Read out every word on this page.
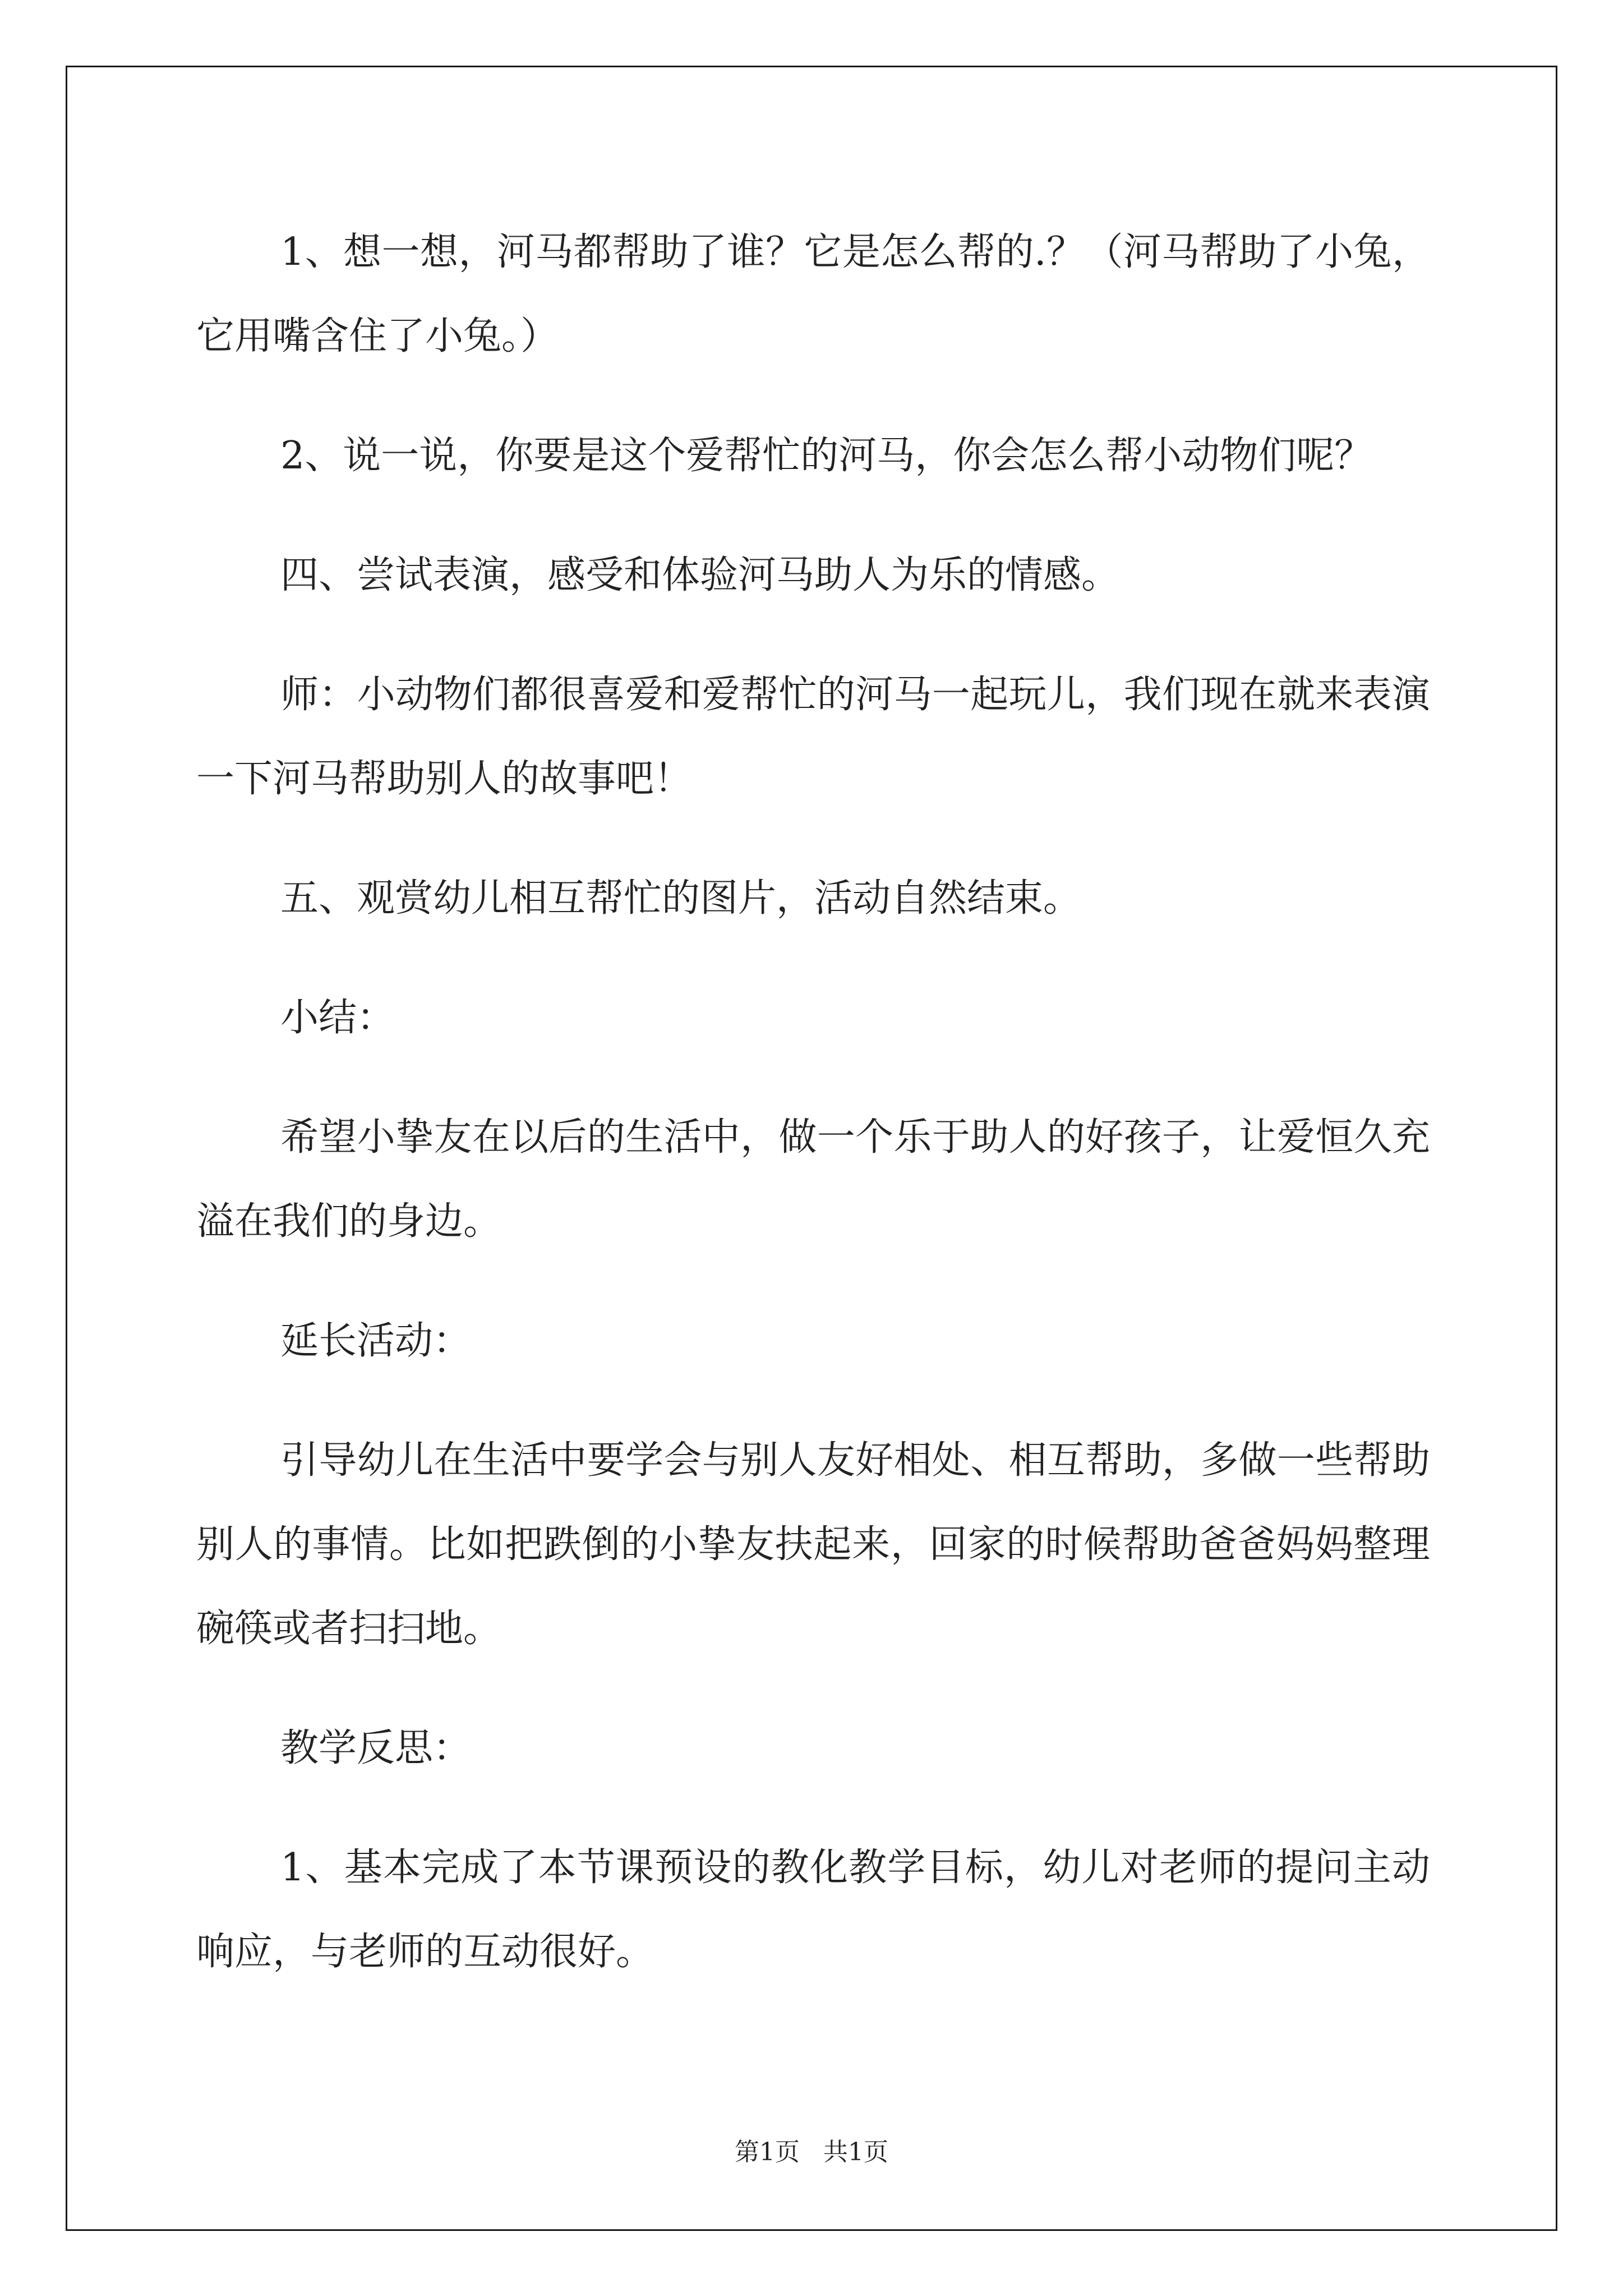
1、想一想，河马都帮助了谁？它是怎么帮的.？（河马帮助了小兔，它用嘴含住了小兔。）

2、说一说，你要是这个爱帮忙的河马，你会怎么帮小动物们呢？

四、尝试表演，感受和体验河马助人为乐的情感。

师：小动物们都很喜爱和爱帮忙的河马一起玩儿，我们现在就来表演一下河马帮助别人的故事吧！

五、观赏幼儿相互帮忙的图片，活动自然结束。

小结：

希望小挚友在以后的生活中，做一个乐于助人的好孩子，让爱恒久充溢在我们的身边。

延长活动：

引导幼儿在生活中要学会与别人友好相处、相互帮助，多做一些帮助别人的事情。比如把跌倒的小挚友扶起来，回家的时候帮助爸爸妈妈整理碗筷或者扫扫地。

教学反思：

1、基本完成了本节课预设的教化教学目标，幼儿对老师的提问主动响应，与老师的互动很好。

第1页 共1页
